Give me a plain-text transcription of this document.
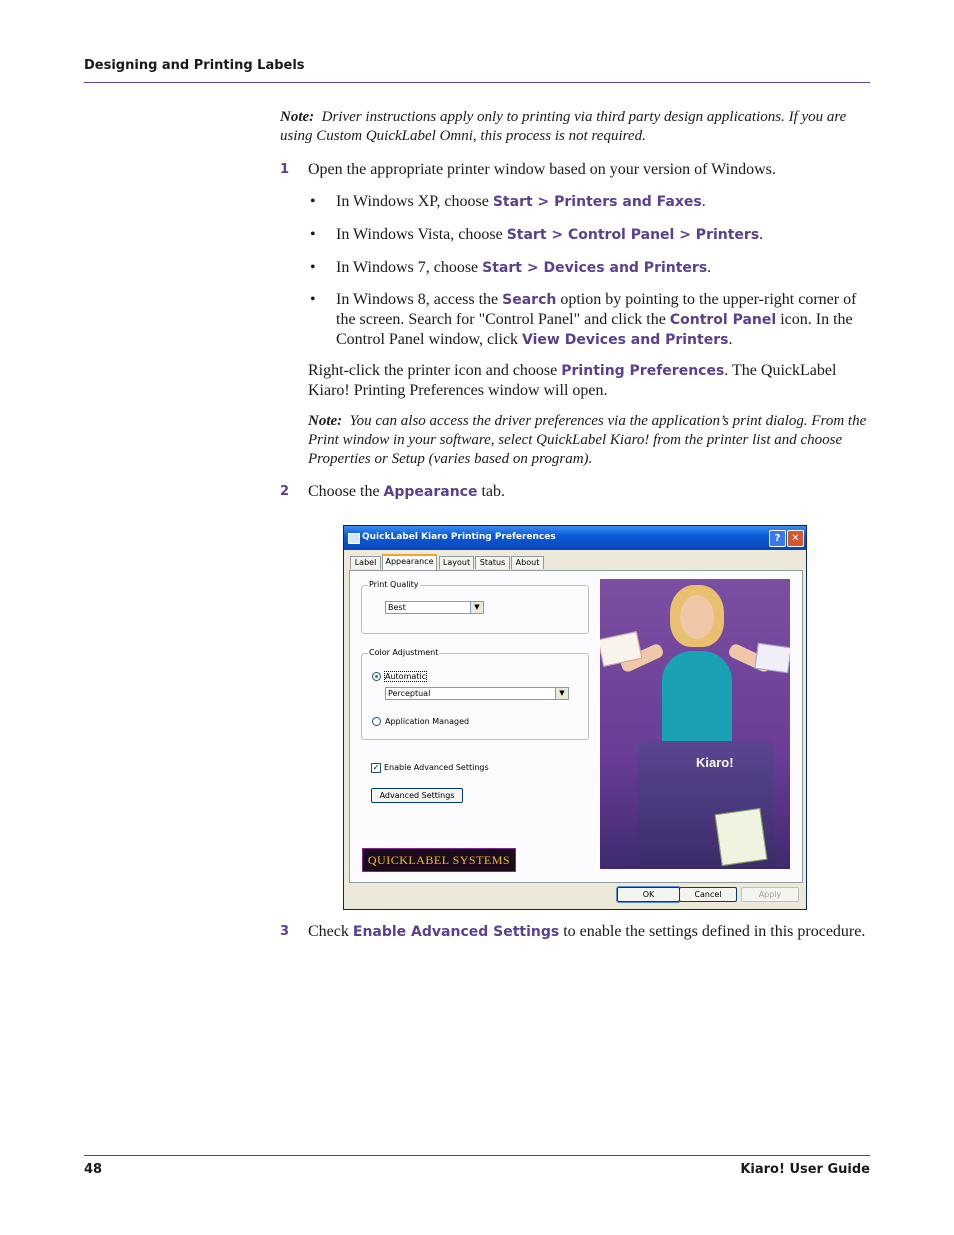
Designing and Printing Labels
Note: Driver instructions apply only to printing via third party design applications. If you are using Custom QuickLabel Omni, this process is not required.
1 Open the appropriate printer window based on your version of Windows.
• In Windows XP, choose Start > Printers and Faxes.
• In Windows Vista, choose Start > Control Panel > Printers.
• In Windows 7, choose Start > Devices and Printers.
• In Windows 8, access the Search option by pointing to the upper-right corner of the screen. Search for "Control Panel" and click the Control Panel icon. In the Control Panel window, click View Devices and Printers.
Right-click the printer icon and choose Printing Preferences. The QuickLabel Kiaro! Printing Preferences window will open.
Note: You can also access the driver preferences via the application’s print dialog. From the Print window in your software, select QuickLabel Kiaro! from the printer list and choose Properties or Setup (varies based on program).
2 Choose the Appearance tab.
QuickLabel Kiaro Printing Preferences	?	✕
Label	Appearance	Layout	Status	About
Print Quality
Best	▼
Color Adjustment
Automatic
Perceptual	▼
Application Managed
✓ Enable Advanced Settings
Advanced Settings
QUICKLABEL SYSTEMS
Kiaro!
OK	Cancel	Apply
3 Check Enable Advanced Settings to enable the settings defined in this procedure.
48	Kiaro! User Guide
